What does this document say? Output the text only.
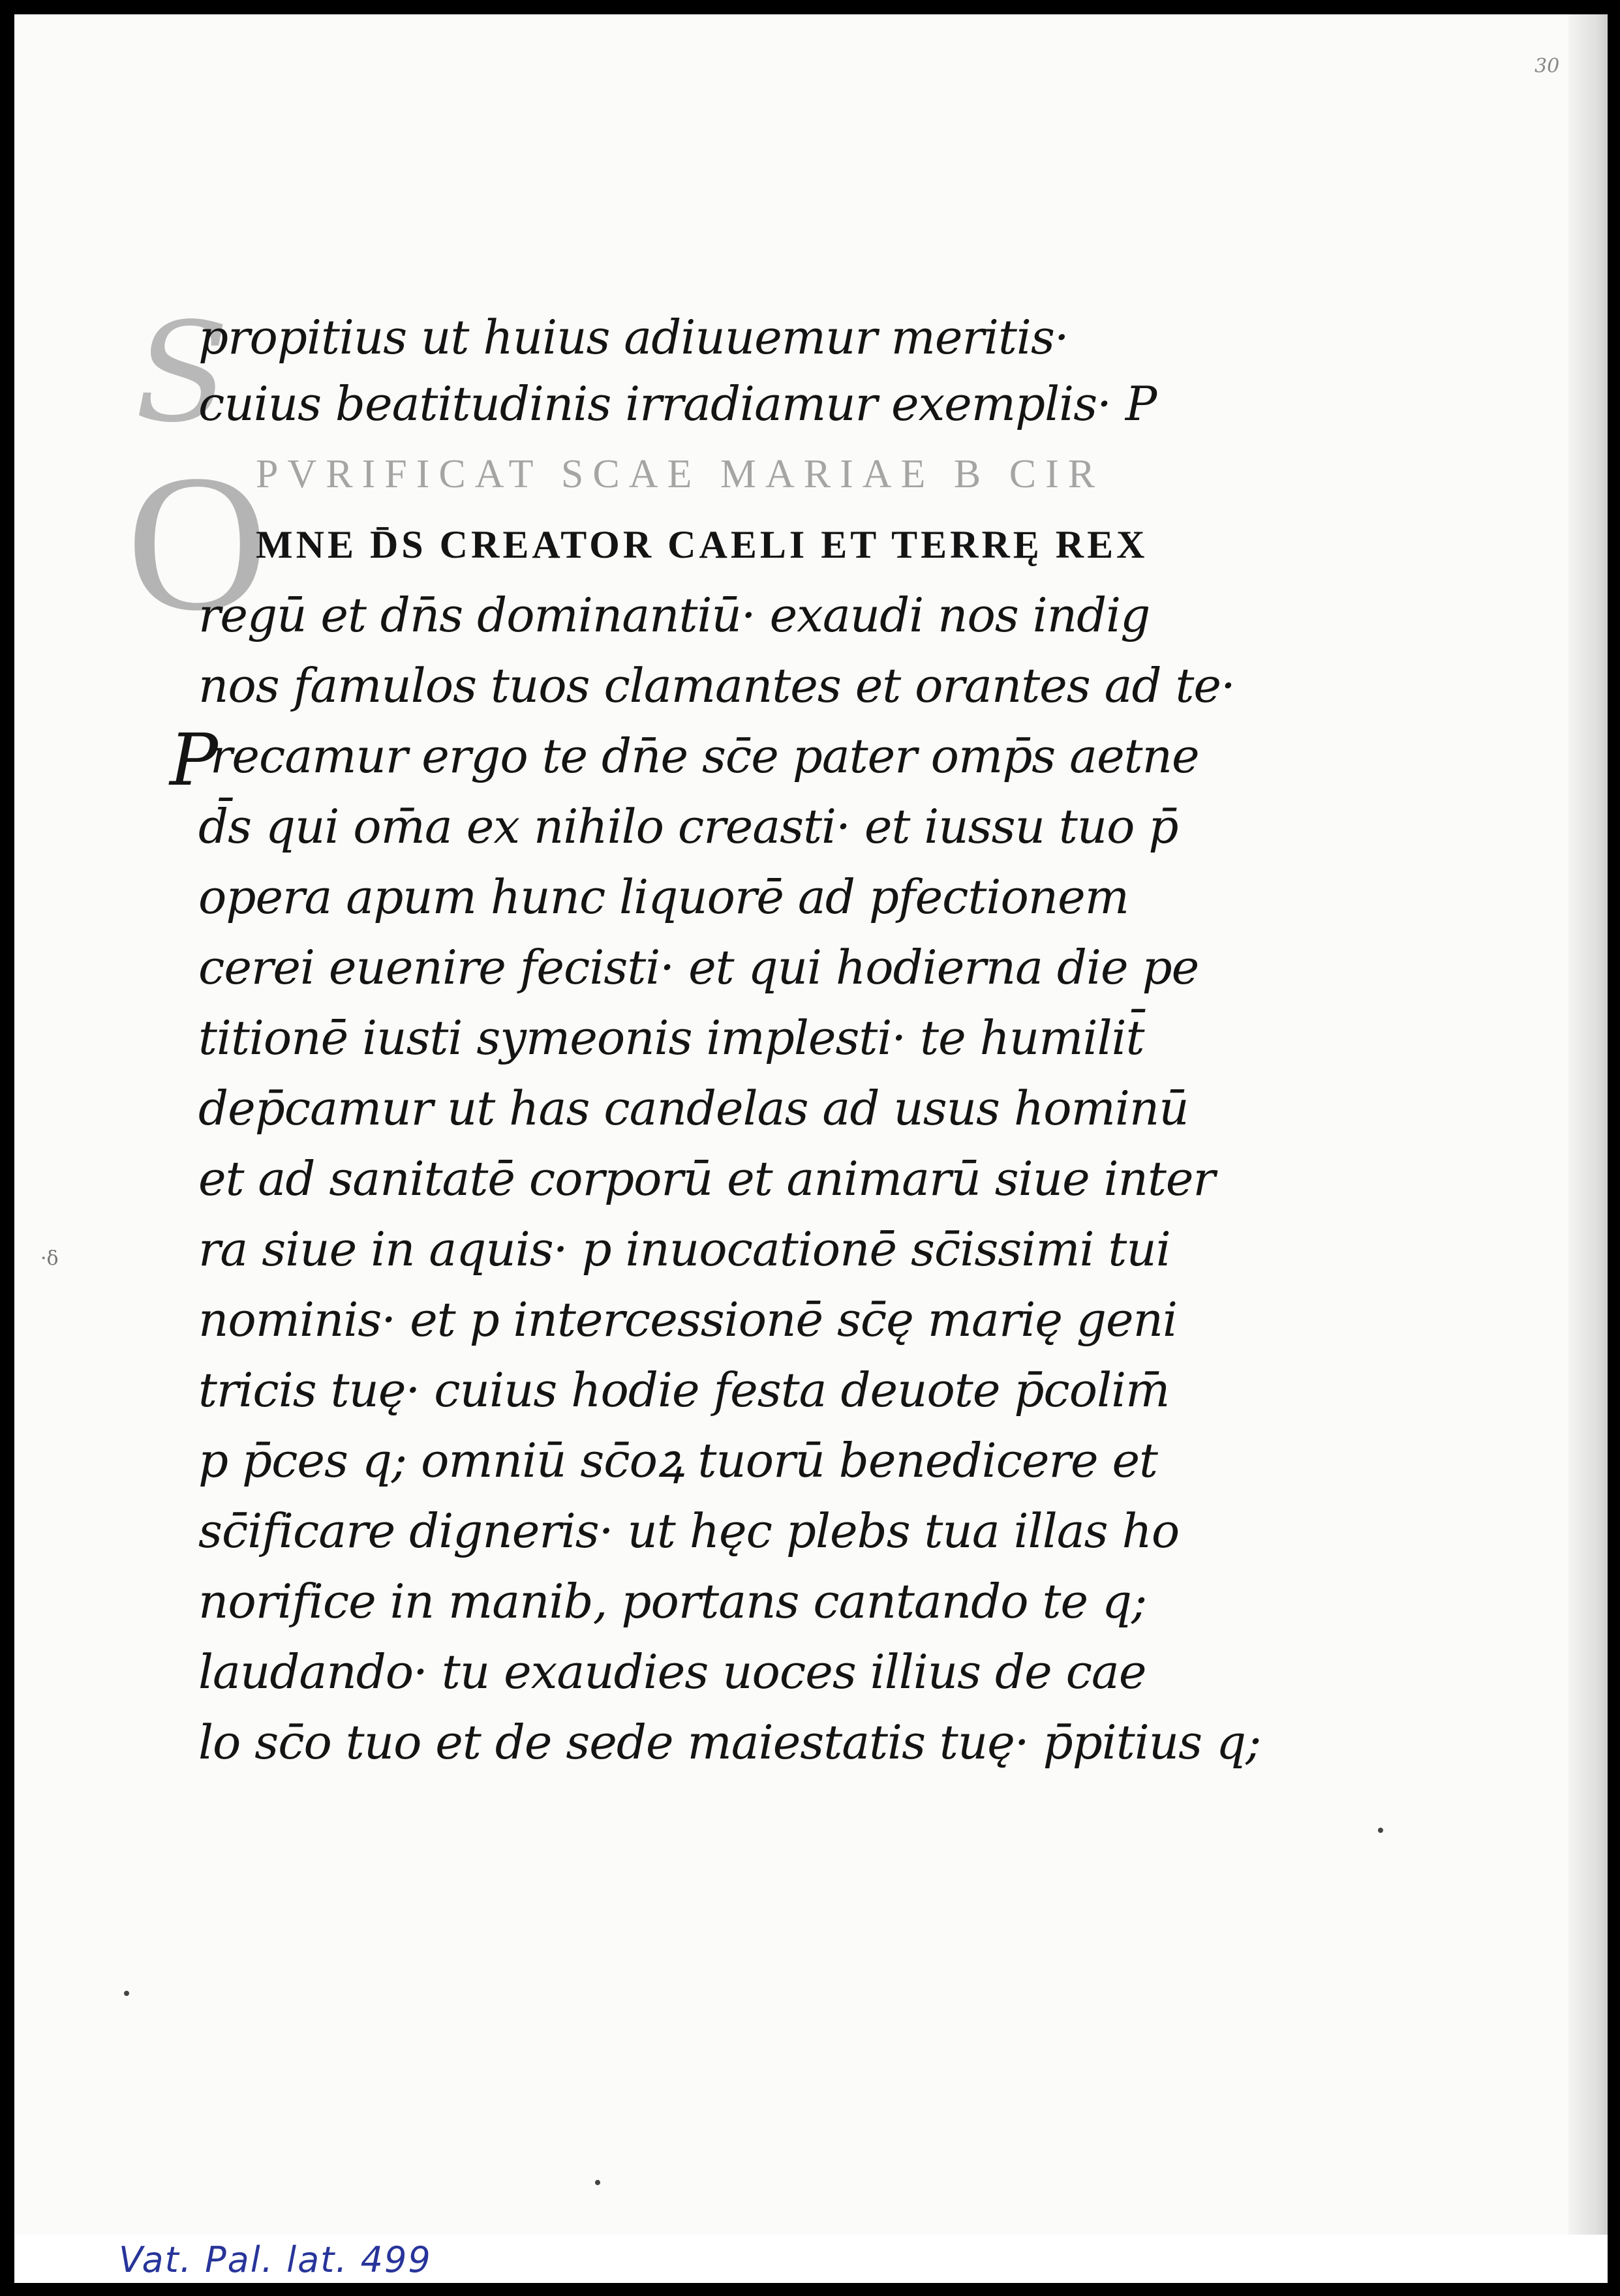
30
·ẟ
S
O
P
propitius ut huius adiuuemur meritis·
cuius beatitudinis irradiamur exemplis· P
PVRIFICAT SCAE MARIAE B CIR
MNE D̄S CREATOR CAELI ET TERRĘ REX
regū et dn̄s dominantiū· exaudi nos indig
nos famulos tuos clamantes et orantes ad te·
recamur ergo te dn̄e sc̄e pater omp̄s aetne
d̄s qui om̄a ex nihilo creasti· et iussu tuo p̄
opera apum hunc liquorē ad pfectionem
cerei euenire fecisti· et qui hodierna die pe
titionē iusti symeonis implesti· te humilit̄
dep̄camur ut has candelas ad usus hominū
et ad sanitatē corporū et animarū siue inter
ra siue in aquis· p inuocationē sc̄issimi tui
nominis· et p intercessionē sc̄ę marię geni
tricis tuę· cuius hodie festa deuote p̄colim̄
p p̄ces q; omniū sc̄oꝝ tuorū benedicere et
sc̄ificare digneris· ut hęc plebs tua illas ho
norifice in manib, portans cantando te q;
laudando· tu exaudies uoces illius de cae
lo sc̄o tuo et de sede maiestatis tuę· p̄pitius q;
Vat. Pal. lat. 499
